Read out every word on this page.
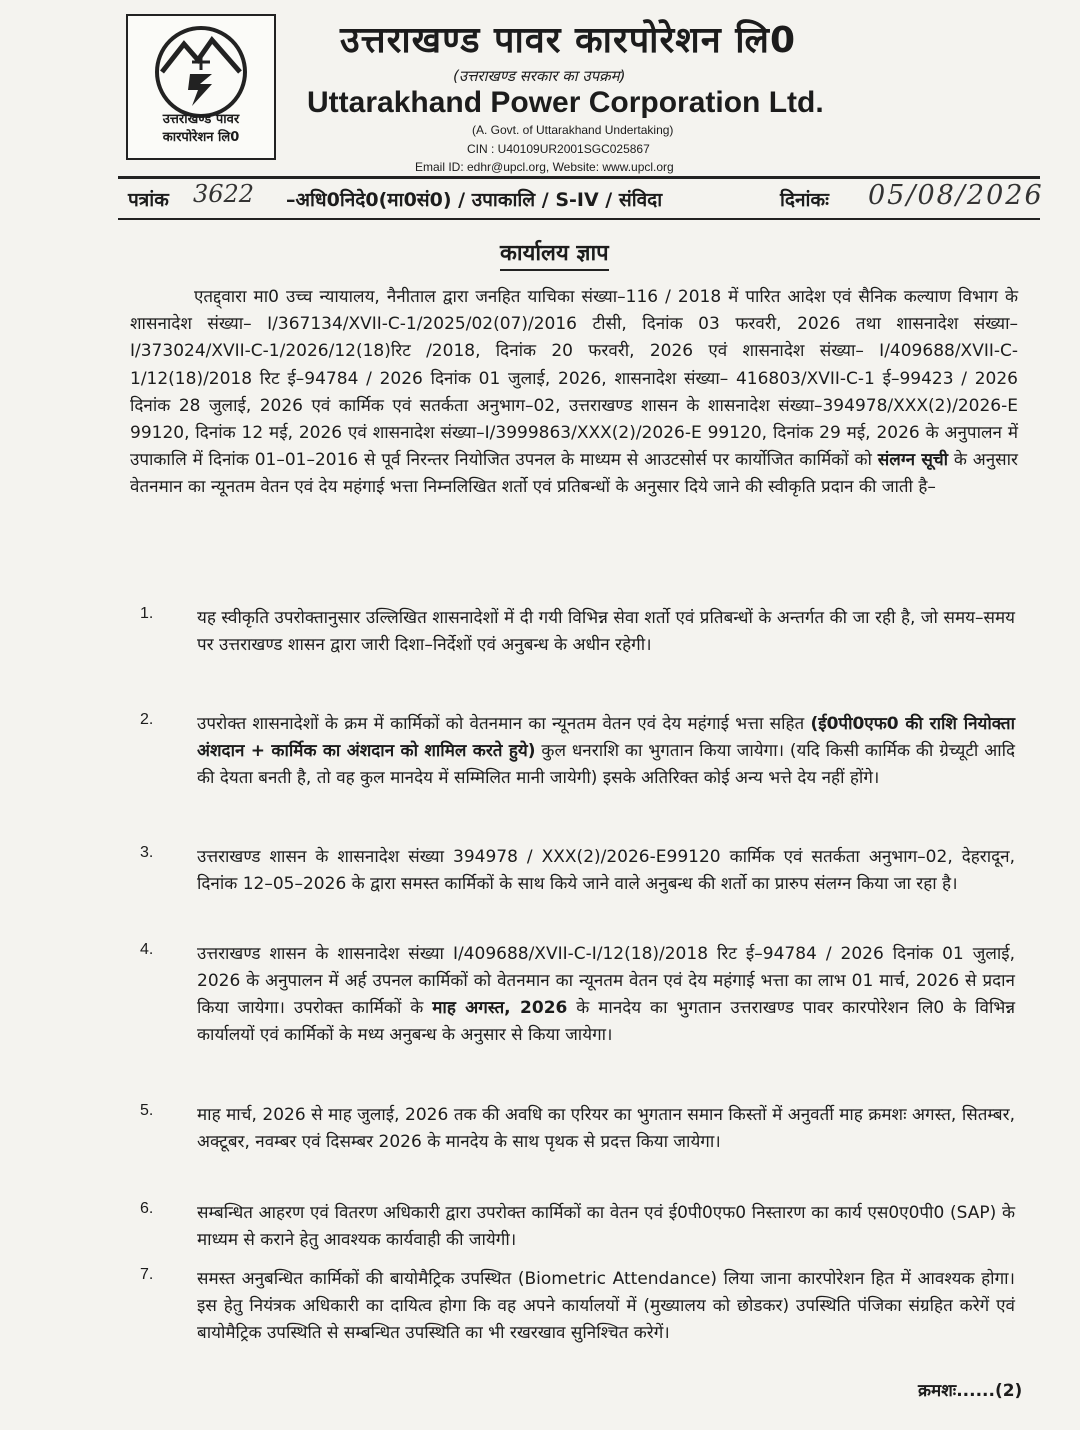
उत्तराखण्ड पावर
कारपोरेशन लि0
उत्तराखण्ड पावर कारपोरेशन लि0
(उत्तराखण्ड सरकार का उपक्रम)
Uttarakhand Power Corporation Ltd.
(A. Govt. of Uttarakhand Undertaking)
CIN : U40109UR2001SGC025867
Email ID: edhr@upcl.org, Website: www.upcl.org
पत्रांक 3622 –अधि0निदे0(मा0सं0) / उपाकालि / S-IV / संविदा	दिनांकः 05/08/2026
कार्यालय ज्ञाप
एतद्द्वारा मा0 उच्च न्यायालय, नैनीताल द्वारा जनहित याचिका संख्या–116 / 2018 में पारित आदेश एवं सैनिक कल्याण विभाग के शासनादेश संख्या– I/367134/XVII-C-1/2025/02(07)/2016 टीसी, दिनांक 03 फरवरी, 2026 तथा शासनादेश संख्या– I/373024/XVII-C-1/2026/12(18)रिट /2018, दिनांक 20 फरवरी, 2026 एवं शासनादेश संख्या– I/409688/XVII-C-1/12(18)/2018 रिट ई–94784 / 2026 दिनांक 01 जुलाई, 2026, शासनादेश संख्या– 416803/XVII-C-1 ई–99423 / 2026 दिनांक 28 जुलाई, 2026 एवं कार्मिक एवं सतर्कता अनुभाग–02, उत्तराखण्ड शासन के शासनादेश संख्या–394978/XXX(2)/2026-E 99120, दिनांक 12 मई, 2026 एवं शासनादेश संख्या–I/3999863/XXX(2)/2026-E 99120, दिनांक 29 मई, 2026 के अनुपालन में उपाकालि में दिनांक 01–01–2016 से पूर्व निरन्तर नियोजित उपनल के माध्यम से आउटसोर्स पर कार्योजित कार्मिकों को संलग्न सूची के अनुसार वेतनमान का न्यूनतम वेतन एवं देय महंगाई भत्ता निम्नलिखित शर्तो एवं प्रतिबन्धों के अनुसार दिये जाने की स्वीकृति प्रदान की जाती है–
1.	यह स्वीकृति उपरोक्तानुसार उल्लिखित शासनादेशों में दी गयी विभिन्न सेवा शर्तो एवं प्रतिबन्धों के अन्तर्गत की जा रही है, जो समय–समय पर उत्तराखण्ड शासन द्वारा जारी दिशा–निर्देशों एवं अनुबन्ध के अधीन रहेगी।
2.	उपरोक्त शासनादेशों के क्रम में कार्मिकों को वेतनमान का न्यूनतम वेतन एवं देय महंगाई भत्ता सहित (ई0पी0एफ0 की राशि नियोक्ता अंशदान + कार्मिक का अंशदान को शामिल करते हुये) कुल धनराशि का भुगतान किया जायेगा। (यदि किसी कार्मिक की ग्रेच्यूटी आदि की देयता बनती है, तो वह कुल मानदेय में सम्मिलित मानी जायेगी) इसके अतिरिक्त कोई अन्य भत्ते देय नहीं होंगे।
3.	उत्तराखण्ड शासन के शासनादेश संख्या 394978 / XXX(2)/2026-E99120 कार्मिक एवं सतर्कता अनुभाग–02, देहरादून, दिनांक 12–05–2026 के द्वारा समस्त कार्मिकों के साथ किये जाने वाले अनुबन्ध की शर्तो का प्रारुप संलग्न किया जा रहा है।
4.	उत्तराखण्ड शासन के शासनादेश संख्या I/409688/XVII-C-I/12(18)/2018 रिट ई–94784 / 2026 दिनांक 01 जुलाई, 2026 के अनुपालन में अर्ह उपनल कार्मिकों को वेतनमान का न्यूनतम वेतन एवं देय महंगाई भत्ता का लाभ 01 मार्च, 2026 से प्रदान किया जायेगा। उपरोक्त कार्मिकों के माह अगस्त, 2026 के मानदेय का भुगतान उत्तराखण्ड पावर कारपोरेशन लि0 के विभिन्न कार्यालयों एवं कार्मिकों के मध्य अनुबन्ध के अनुसार से किया जायेगा।
5.	माह मार्च, 2026 से माह जुलाई, 2026 तक की अवधि का एरियर का भुगतान समान किस्तों में अनुवर्ती माह क्रमशः अगस्त, सितम्बर, अक्टूबर, नवम्बर एवं दिसम्बर 2026 के मानदेय के साथ पृथक से प्रदत्त किया जायेगा।
6.	सम्बन्धित आहरण एवं वितरण अधिकारी द्वारा उपरोक्त कार्मिकों का वेतन एवं ई0पी0एफ0 निस्तारण का कार्य एस0ए0पी0 (SAP) के माध्यम से कराने हेतु आवश्यक कार्यवाही की जायेगी।
7.	समस्त अनुबन्धित कार्मिकों की बायोमैट्रिक उपस्थित (Biometric Attendance) लिया जाना कारपोरेशन हित में आवश्यक होगा। इस हेतु नियंत्रक अधिकारी का दायित्व होगा कि वह अपने कार्यालयों में (मुख्यालय को छोडकर) उपस्थिति पंजिका संग्रहित करेगें एवं बायोमैट्रिक उपस्थिति से सम्बन्धित उपस्थिति का भी रखरखाव सुनिश्चित करेगें।
क्रमशः......(2)
